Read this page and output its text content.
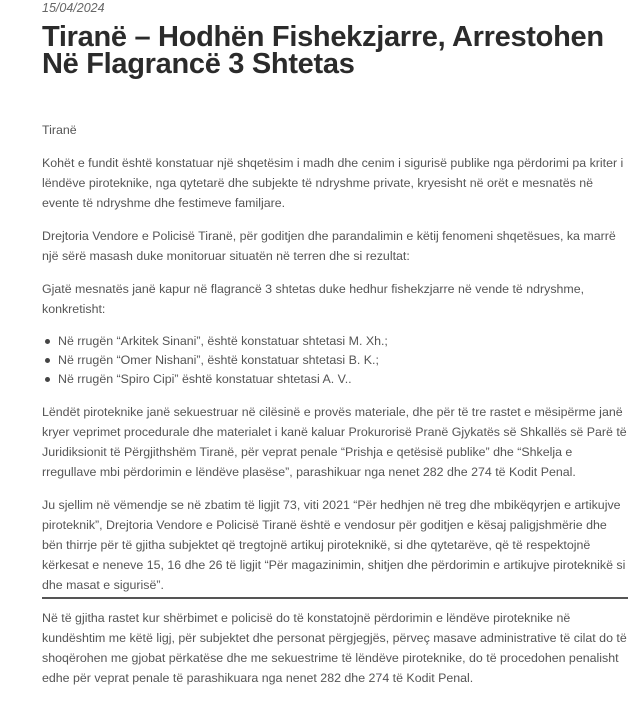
15/04/2024
Tiranë – Hodhën Fishekzjarre, Arrestohen
Në Flagrancë 3 Shtetas

Tiranë

Kohët e fundit është konstatuar një shqetësim i madh dhe cenim i sigurisë publike nga përdorimi pa kriter i lëndëve piroteknike, nga qytetarë dhe subjekte të ndryshme private, kryesisht në orët e mesnatës në evente të ndryshme dhe festimeve familjare.

Drejtoria Vendore e Policisë Tiranë, për goditjen dhe parandalimin e këtij fenomeni shqetësues, ka marrë një sërë masash duke monitoruar situatën në terren dhe si rezultat:

Gjatë mesnatës janë kapur në flagrancë 3 shtetas duke hedhur fishekzjarre në vende të ndryshme, konkretisht:

Në rrugën “Arkitek Sinani”, është konstatuar shtetasi M. Xh.;
Në rrugën “Omer Nishani”, është konstatuar shtetasi B. K.;
Në rrugën “Spiro Cipi” është konstatuar shtetasi A. V..

Lëndët piroteknike janë sekuestruar në cilësinë e provës materiale, dhe për të tre rastet e mësipërme janë kryer veprimet procedurale dhe materialet i kanë kaluar Prokurorisë Pranë Gjykatës së Shkallës së Parë të Juridiksionit të Përgjithshëm Tiranë, për veprat penale “Prishja e qetësisë publike” dhe “Shkelja e rregullave mbi përdorimin e lëndëve plasëse”, parashikuar nga nenet 282 dhe 274 të Kodit Penal.

Ju sjellim në vëmendje se në zbatim të ligjit 73, viti 2021 “Për hedhjen në treg dhe mbikëqyrjen e artikujve piroteknik”, Drejtoria Vendore e Policisë Tiranë është e vendosur për goditjen e kësaj paligjshmërie dhe bën thirrje për të gjitha subjektet që tregtojnë artikuj piroteknikë, si dhe qytetarëve, që të respektojnë kërkesat e neneve 15, 16 dhe 26 të ligjit “Për magazinimin, shitjen dhe përdorimin e artikujve piroteknikë si dhe masat e sigurisë”.

Në të gjitha rastet kur shërbimet e policisë do të konstatojnë përdorimin e lëndëve piroteknike në kundështim me këtë ligj, për subjektet dhe personat përgjegjës, përveç masave administrative të cilat do të shoqërohen me gjobat përkatëse dhe me sekuestrime të lëndëve piroteknike, do të procedohen penalisht edhe për veprat penale të parashikuara nga nenet 282 dhe 274 të Kodit Penal.
